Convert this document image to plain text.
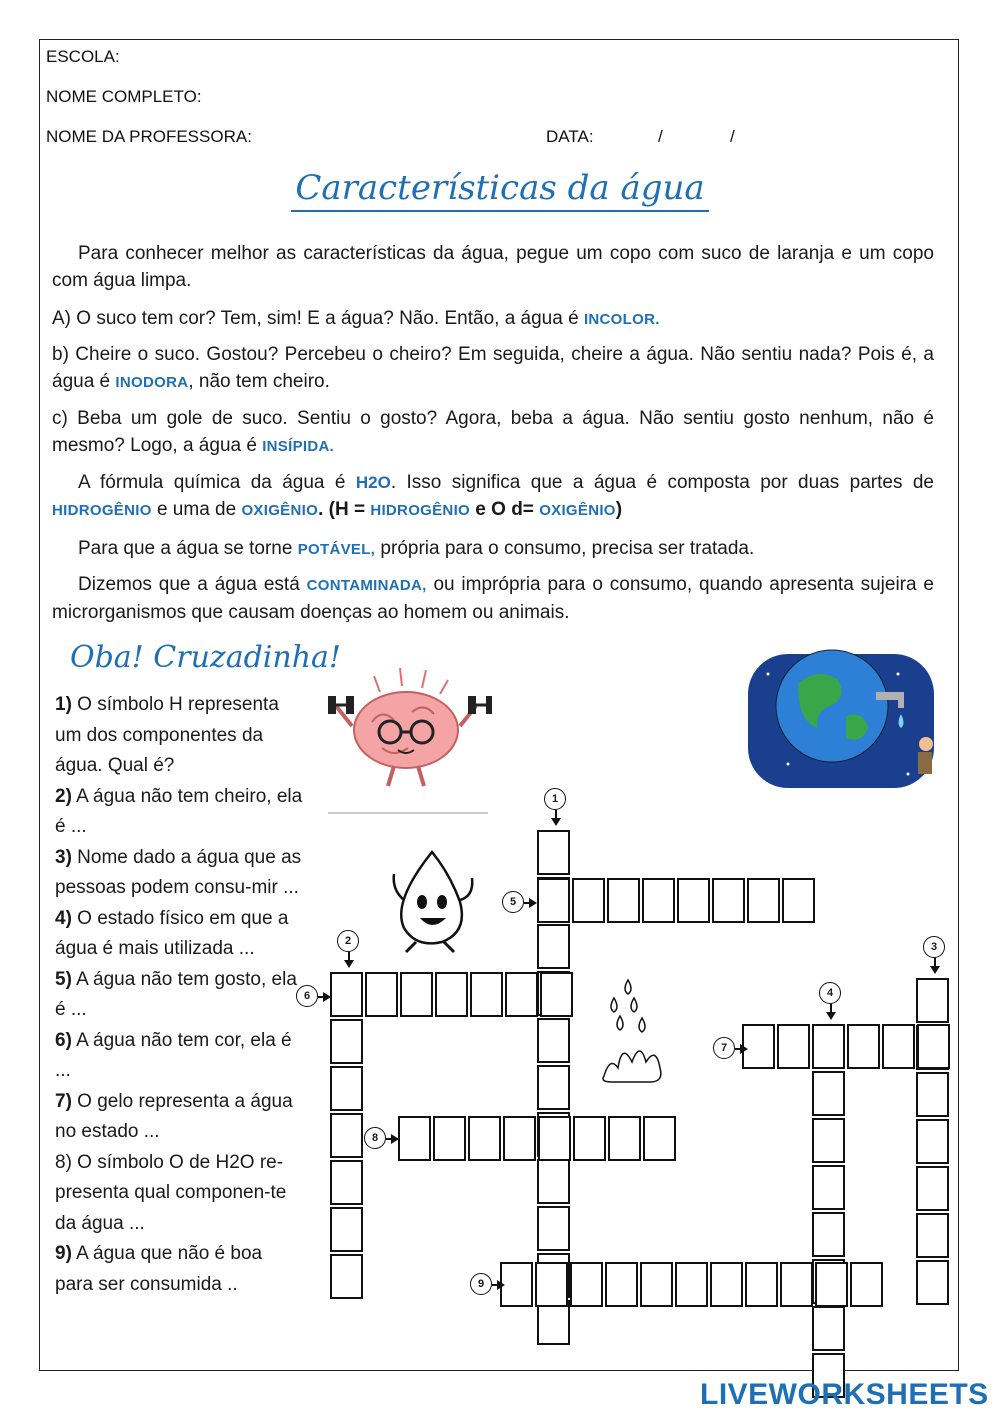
ESCOLA:
NOME COMPLETO:
NOME DA PROFESSORA:	DATA:	/	/
Características da água
Para conhecer melhor as características da água, pegue um copo com suco de laranja e um copo com água limpa.
A) O suco tem cor? Tem, sim! E a água? Não. Então, a água é INCOLOR.
b) Cheire o suco. Gostou? Percebeu o cheiro? Em seguida, cheire a água. Não sentiu nada? Pois é, a água é INODORA, não tem cheiro.
c) Beba um gole de suco. Sentiu o gosto? Agora, beba a água. Não sentiu gosto nenhum, não é mesmo? Logo, a água é INSÍPIDA.
A fórmula química da água é H2O. Isso significa que a água é composta por duas partes de HIDROGÊNIO e uma de OXIGÊNIO. (H = HIDROGÊNIO e O d= OXIGÊNIO)
Para que a água se torne POTÁVEL, própria para o consumo, precisa ser tratada.
Dizemos que a água está CONTAMINADA, ou imprópria para o consumo, quando apresenta sujeira e microrganismos que causam doenças ao homem ou animais.
Oba! Cruzadinha!

1) O símbolo H representa um dos componentes da água. Qual é?

2) A água não tem cheiro, ela é ...

3) Nome dado a água que as pessoas podem consu-mir ...

4) O estado físico em que a água é mais utilizada ...

5) A água não tem gosto, ela é ...

6) A água não tem cor, ela é ...

7) O gelo representa a água no estado ...

8) O símbolo O de H2O re-presenta qual componen-te da água ...

9) A água que não é boa para ser consumida ..

1
5
2
6
3
7
4
8
9
LIVEWORKSHEETS
